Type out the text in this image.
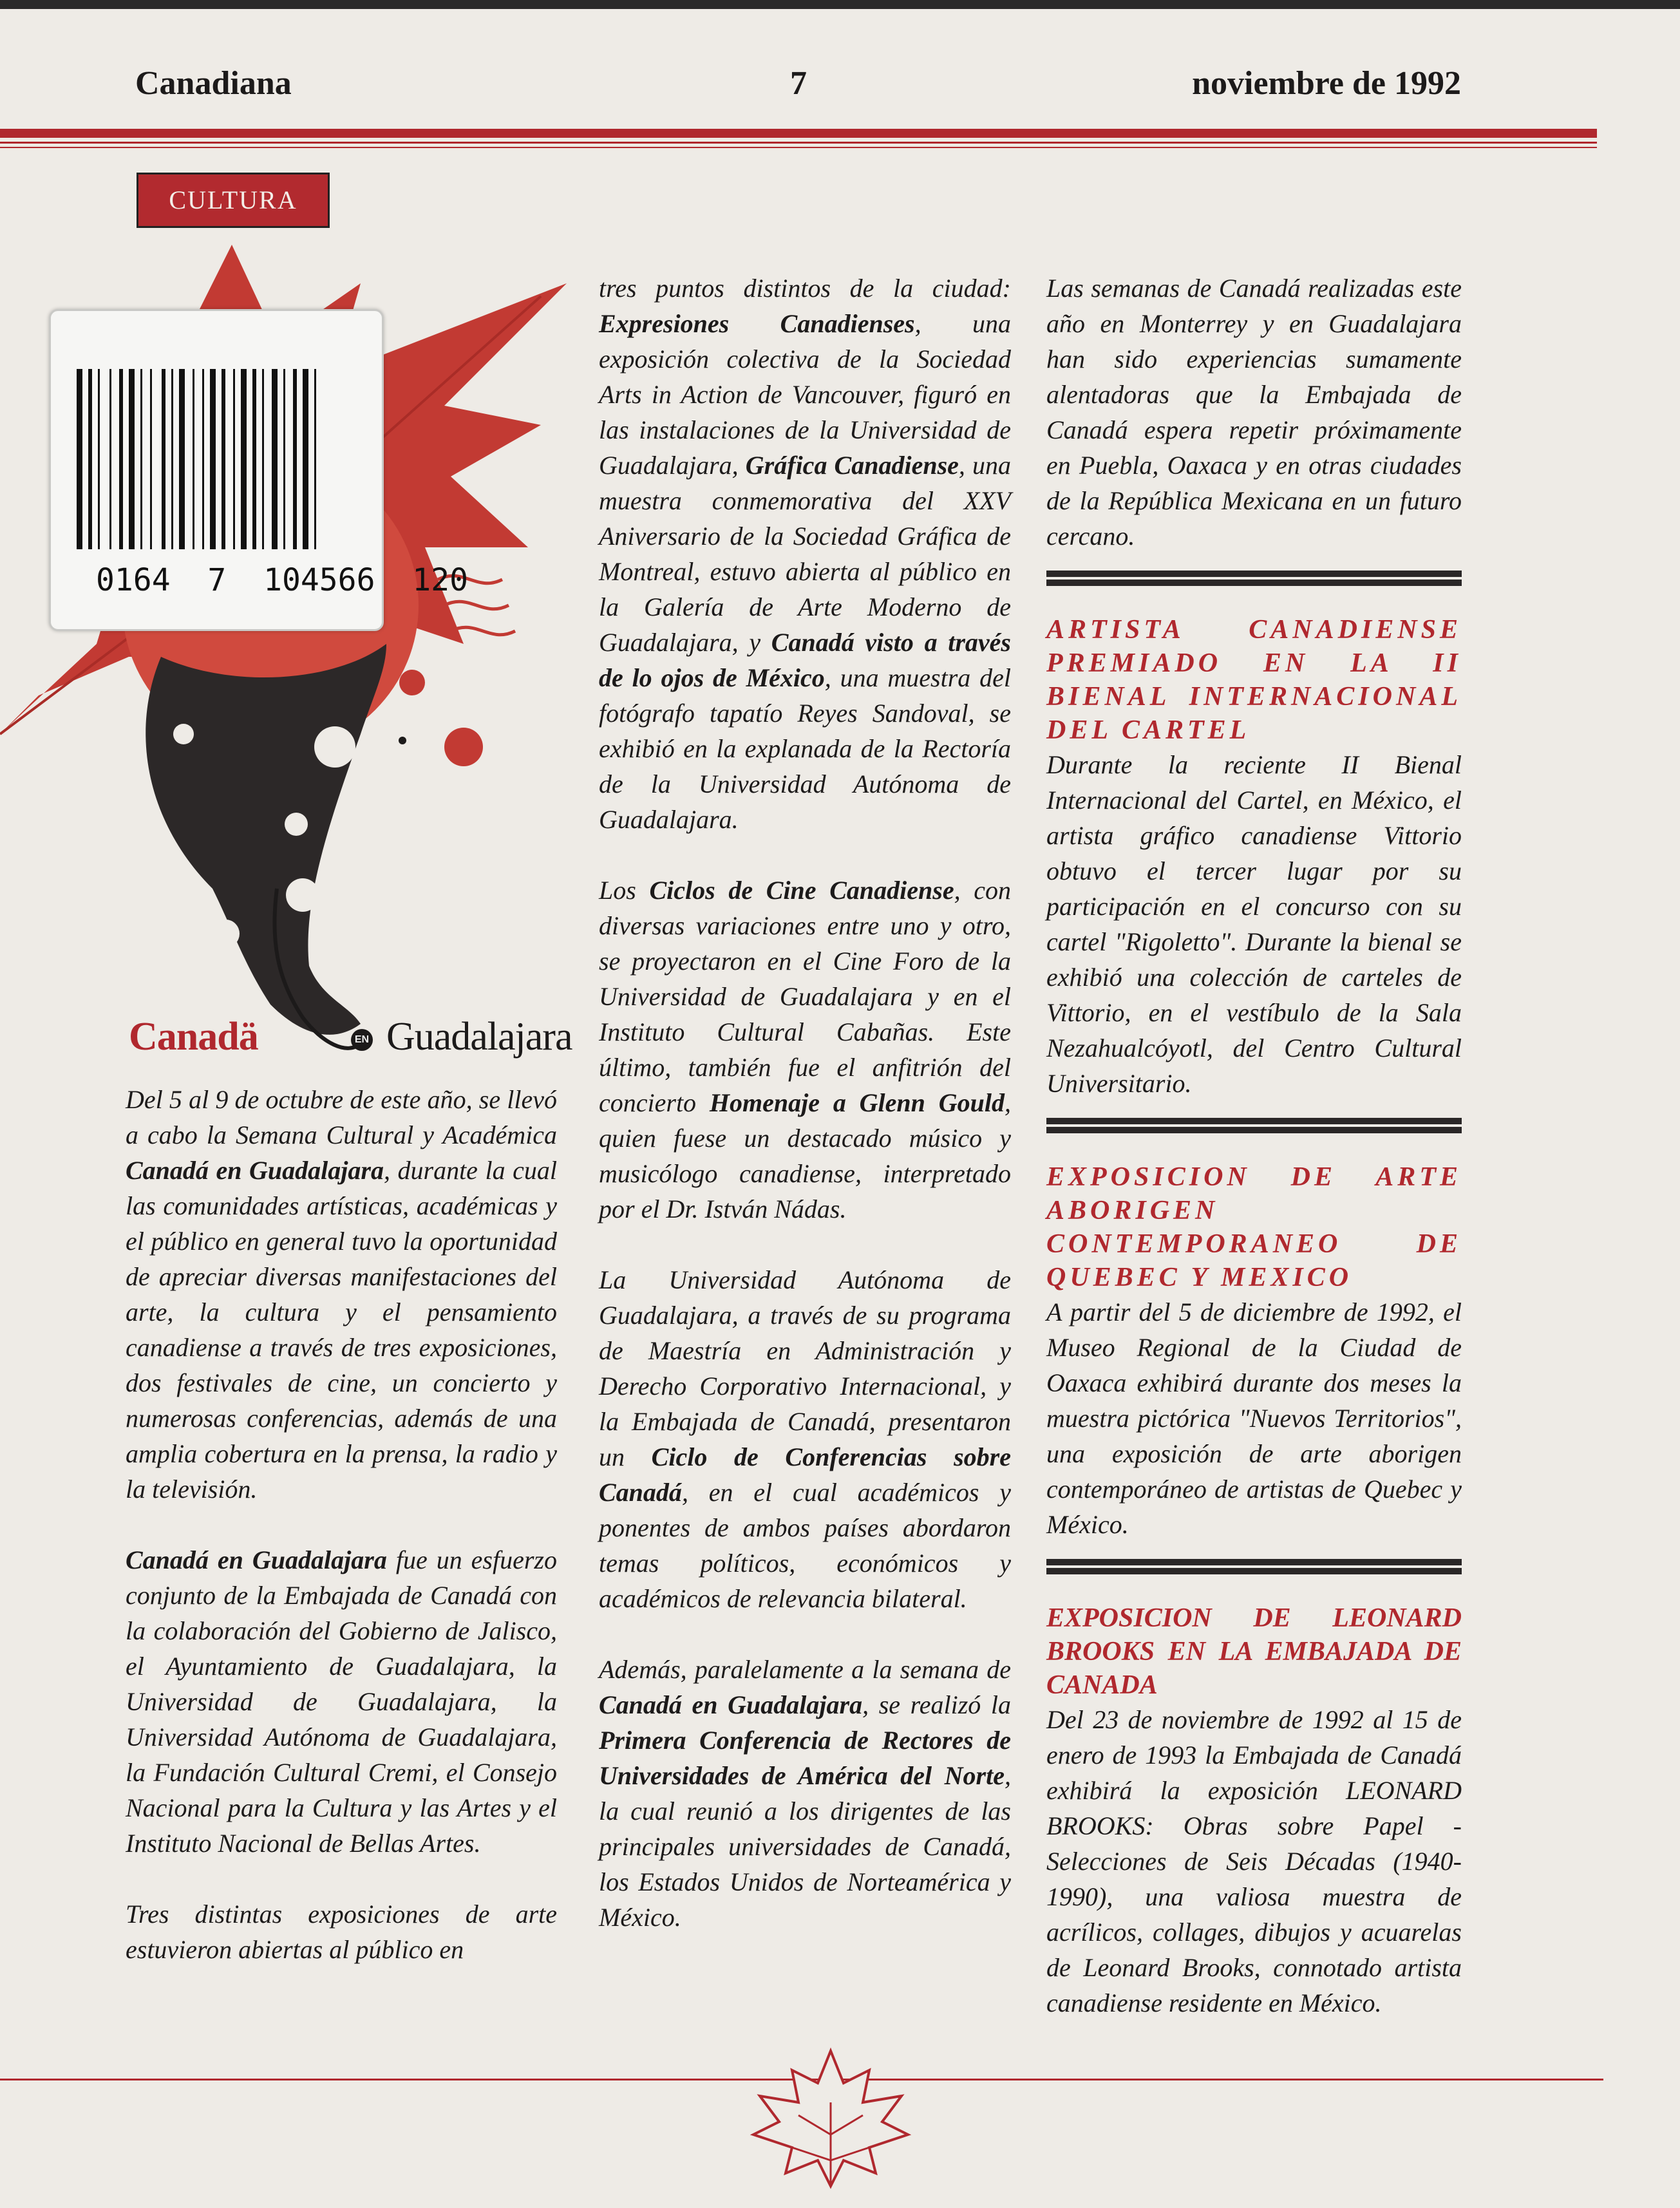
Canadiana	7	noviembre de 1992
CULTURA
0164  7  104566  120
Canadä	EN Guadalajara

Del 5 al 9 de octubre de este año, se llevó a cabo la Semana Cultural y Académica Canadá en Guadalajara, durante la cual las comunidades artísticas, académicas y el público en general tuvo la oportunidad de apreciar diversas manifestaciones del arte, la cultura y el pensamiento canadiense a través de tres exposiciones, dos festivales de cine, un concierto y numerosas conferencias, además de una amplia cobertura en la prensa, la radio y la televisión.

Canadá en Guadalajara fue un esfuerzo conjunto de la Embajada de Canadá con la colaboración del Gobierno de Jalisco, el Ayuntamiento de Guadalajara, la Universidad de Guadalajara, la Universidad Autónoma de Guadalajara, la Fundación Cultural Cremi, el Consejo Nacional para la Cultura y las Artes y el Instituto Nacional de Bellas Artes.

Tres distintas exposiciones de arte estuvieron abiertas al público en

tres puntos distintos de la ciudad: Expresiones Canadienses, una exposición colectiva de la Sociedad Arts in Action de Vancouver, figuró en las instalaciones de la Universidad de Guadalajara, Gráfica Canadiense, una muestra conmemorativa del XXV Aniversario de la Sociedad Gráfica de Montreal, estuvo abierta al público en la Galería de Arte Moderno de Guadalajara, y Canadá visto a través de lo ojos de México, una muestra del fotógrafo tapatío Reyes Sandoval, se exhibió en la explanada de la Rectoría de la Universidad Autónoma de Guadalajara.

Los Ciclos de Cine Canadiense, con diversas variaciones entre uno y otro, se proyectaron en el Cine Foro de la Universidad de Guadalajara y en el Instituto Cultural Cabañas. Este último, también fue el anfitrión del concierto Homenaje a Glenn Gould, quien fuese un destacado músico y musicólogo canadiense, interpretado por el Dr. István Nádas.

La Universidad Autónoma de Guadalajara, a través de su programa de Maestría en Administración y Derecho Corporativo Internacional, y la Embajada de Canadá, presentaron un Ciclo de Conferencias sobre Canadá, en el cual académicos y ponentes de ambos países abordaron temas políticos, económicos y académicos de relevancia bilateral.

Además, paralelamente a la semana de Canadá en Guadalajara, se realizó la Primera Conferencia de Rectores de Universidades de América del Norte, la cual reunió a los dirigentes de las principales universidades de Canadá, los Estados Unidos de Norteamérica y México.

Las semanas de Canadá realizadas este año en Monterrey y en Guadalajara han sido experiencias sumamente alentadoras que la Embajada de Canadá espera repetir próximamente en Puebla, Oaxaca y en otras ciudades de la República Mexicana en un futuro cercano.

ARTISTA CANADIENSE PREMIADO EN LA II BIENAL INTERNACIONAL DEL CARTEL

Durante la reciente II Bienal Internacional del Cartel, en México, el artista gráfico canadiense Vittorio obtuvo el tercer lugar por su participación en el concurso con su cartel "Rigoletto". Durante la bienal se exhibió una colección de carteles de Vittorio, en el vestíbulo de la Sala Nezahualcóyotl, del Centro Cultural Universitario.

EXPOSICION DE ARTE ABORIGEN CONTEMPORANEO DE QUEBEC Y MEXICO

A partir del 5 de diciembre de 1992, el Museo Regional de la Ciudad de Oaxaca exhibirá durante dos meses la muestra pictórica "Nuevos Territorios", una exposición de arte aborigen contemporáneo de artistas de Quebec y México.

EXPOSICION DE LEONARD BROOKS EN LA EMBAJADA DE CANADA

Del 23 de noviembre de 1992 al 15 de enero de 1993 la Embajada de Canadá exhibirá la exposición LEONARD BROOKS: Obras sobre Papel - Selecciones de Seis Décadas (1940-1990), una valiosa muestra de acrílicos, collages, dibujos y acuarelas de Leonard Brooks, connotado artista canadiense residente en México.
